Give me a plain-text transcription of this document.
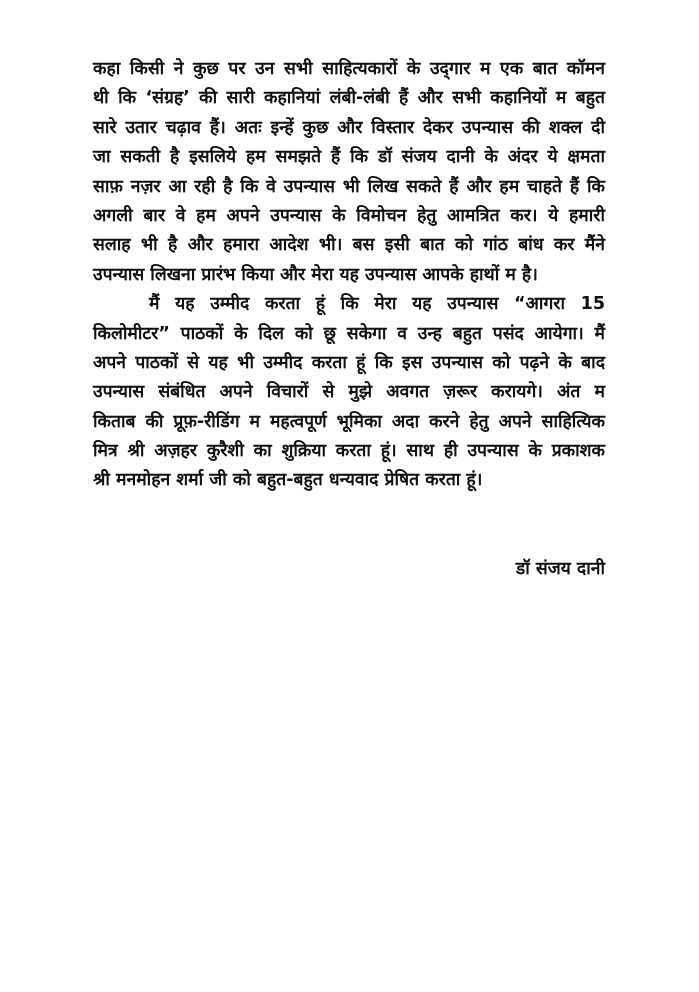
कहा किसी ने कुछ पर उन सभी साहित्यकारों के उद्‌गार म एक बात कॉमन
थी कि ‘संग्रह’ की सारी कहानियां लंबी-लंबी हैं और सभी कहानियों म बहुत
सारे उतार चढ़ाव हैं। अतः इन्हें कुछ और विस्तार देकर उपन्यास की शक्ल दी
जा सकती है इसलिये हम समझते हैं कि डॉ संजय दानी के अंदर ये क्षमता
साफ़ नज़र आ रही है कि वे उपन्यास भी लिख सकते हैं और हम चाहते हैं कि
अगली बार वे हम अपने उपन्यास के विमोचन हेतु आमत्रित कर। ये हमारी
सलाह भी है और हमारा आदेश भी। बस इसी बात को गांठ बांध कर मैंने
उपन्यास लिखना प्रारंभ किया और मेरा यह उपन्यास आपके हाथों म है।
मैं यह उम्मीद करता हूं कि मेरा यह उपन्यास “आगरा 15
किलोमीटर” पाठकों के दिल को छू सकेगा व उन्ह बहुत पसंद आयेगा। मैं
अपने पाठकों से यह भी उम्मीद करता हूं कि इस उपन्यास को पढ़ने के बाद
उपन्यास संबंधित अपने विचारों से मुझे अवगत ज़रूर करायगे। अंत म
किताब की प्रूफ़-रीडिंग म महत्वपूर्ण भूमिका अदा करने हेतु अपने साहित्यिक
मित्र श्री अज़हर कुरैशी का शुक्रिया करता हूं। साथ ही उपन्यास के प्रकाशक
श्री मनमोहन शर्मा जी को बहुत-बहुत धन्यवाद प्रेषित करता हूं।
डॉ संजय दानी
